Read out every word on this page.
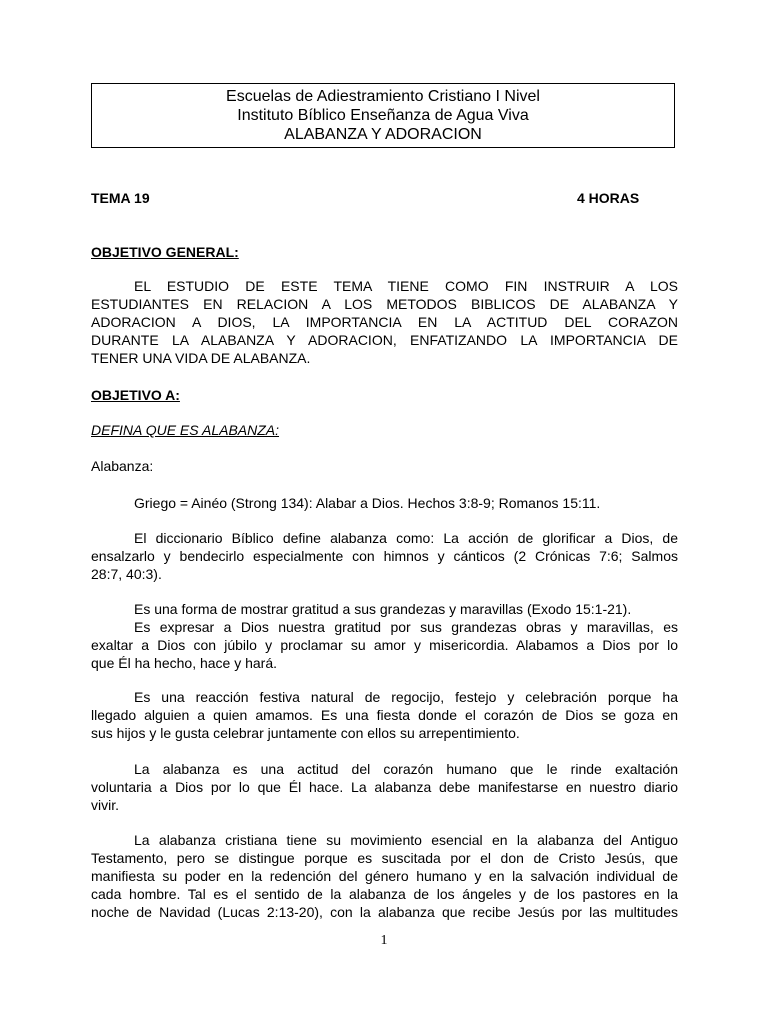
Escuelas de Adiestramiento Cristiano I Nivel
Instituto Bíblico Enseñanza de Agua Viva
ALABANZA Y ADORACION
TEMA 19	4 HORAS
OBJETIVO GENERAL:
EL ESTUDIO DE ESTE TEMA TIENE COMO FIN INSTRUIR A LOS
ESTUDIANTES EN RELACION A LOS METODOS BIBLICOS DE ALABANZA Y
ADORACION A DIOS, LA IMPORTANCIA EN LA ACTITUD DEL CORAZON
DURANTE LA ALABANZA Y ADORACION, ENFATIZANDO LA IMPORTANCIA DE
TENER UNA VIDA DE ALABANZA.
OBJETIVO A:
DEFINA QUE ES ALABANZA:
Alabanza:
Griego = Ainéo (Strong 134): Alabar a Dios. Hechos 3:8-9; Romanos 15:11.
El diccionario Bíblico define alabanza como: La acción de glorificar a Dios, de
ensalzarlo y bendecirlo especialmente con himnos y cánticos (2 Crónicas 7:6; Salmos
28:7, 40:3).
Es una forma de mostrar gratitud a sus grandezas y maravillas (Exodo 15:1-21).
Es expresar a Dios nuestra gratitud por sus grandezas obras y maravillas, es
exaltar a Dios con júbilo y proclamar su amor y misericordia. Alabamos a Dios por lo
que Él ha hecho, hace y hará.
Es una reacción festiva natural de regocijo, festejo y celebración porque ha
llegado alguien a quien amamos. Es una fiesta donde el corazón de Dios se goza en
sus hijos y le gusta celebrar juntamente con ellos su arrepentimiento.
La alabanza es una actitud del corazón humano que le rinde exaltación
voluntaria a Dios por lo que Él hace. La alabanza debe manifestarse en nuestro diario
vivir.
La alabanza cristiana tiene su movimiento esencial en la alabanza del Antiguo
Testamento, pero se distingue porque es suscitada por el don de Cristo Jesús, que
manifiesta su poder en la redención del género humano y en la salvación individual de
cada hombre. Tal es el sentido de la alabanza de los ángeles y de los pastores en la
noche de Navidad (Lucas 2:13-20), con la alabanza que recibe Jesús por las multitudes
1
